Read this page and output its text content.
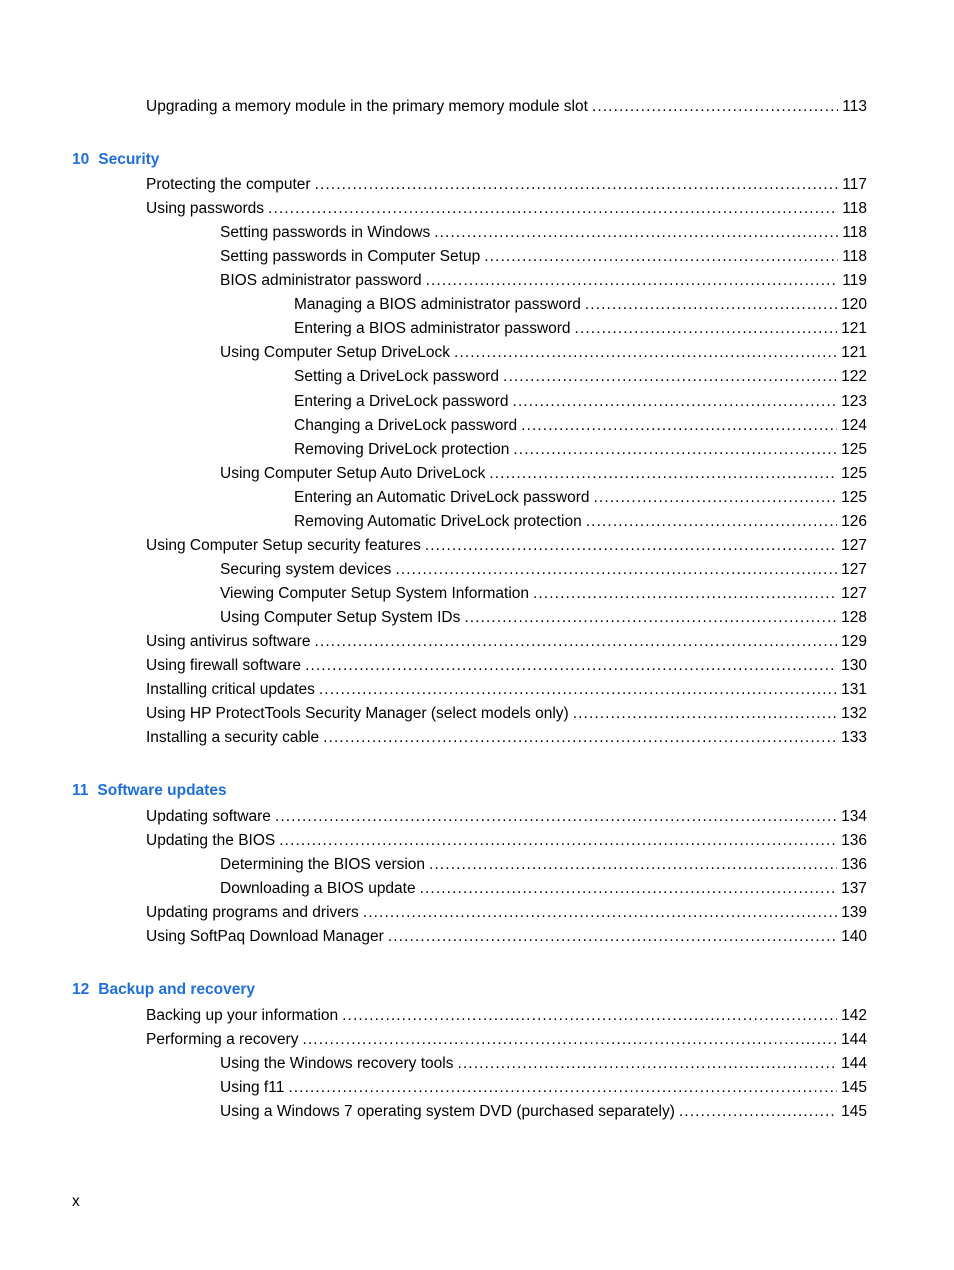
Upgrading a memory module in the primary memory module slot . . .	113
10 Security
Protecting the computer . . .	117
Using passwords . . .	118
Setting passwords in Windows . . .	118
Setting passwords in Computer Setup . . .	118
BIOS administrator password . . .	119
Managing a BIOS administrator password . . .	120
Entering a BIOS administrator password . . .	121
Using Computer Setup DriveLock . . .	121
Setting a DriveLock password . . .	122
Entering a DriveLock password . . .	123
Changing a DriveLock password . . .	124
Removing DriveLock protection . . .	125
Using Computer Setup Auto DriveLock . . .	125
Entering an Automatic DriveLock password . . .	125
Removing Automatic DriveLock protection . . .	126
Using Computer Setup security features . . .	127
Securing system devices . . .	127
Viewing Computer Setup System Information . . .	127
Using Computer Setup System IDs . . .	128
Using antivirus software . . .	129
Using firewall software . . .	130
Installing critical updates . . .	131
Using HP ProtectTools Security Manager (select models only) . . .	132
Installing a security cable . . .	133
11 Software updates
Updating software . . .	134
Updating the BIOS . . .	136
Determining the BIOS version . . .	136
Downloading a BIOS update . . .	137
Updating programs and drivers . . .	139
Using SoftPaq Download Manager . . .	140
12 Backup and recovery
Backing up your information . . .	142
Performing a recovery . . .	144
Using the Windows recovery tools . . .	144
Using f11 . . .	145
Using a Windows 7 operating system DVD (purchased separately) . . .	145
x
